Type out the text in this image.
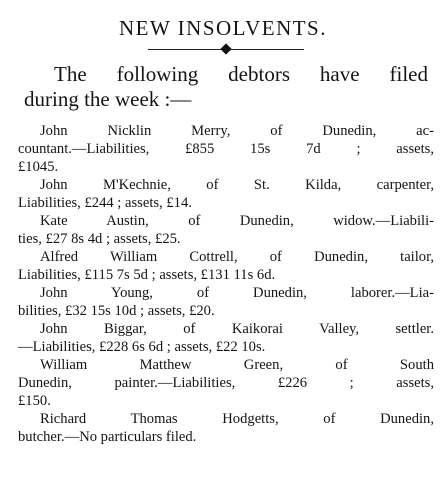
NEW INSOLVENTS.
The following debtors have filed
during the week :—

John Nicklin Merry, of Dunedin, ac-
countant.—Liabilities, £855 15s 7d ; assets,
£1045.

John M'Kechnie, of St. Kilda, carpenter,
Liabilities, £244 ; assets, £14.

Kate Austin, of Dunedin, widow.—Liabili-
ties, £27 8s 4d ; assets, £25.

Alfred William Cottrell, of Dunedin, tailor,
Liabilities, £115 7s 5d ; assets, £131 11s 6d.

John Young, of Dunedin, laborer.—Lia-
bilities, £32 15s 10d ; assets, £20.

John Biggar, of Kaikorai Valley, settler.
—Liabilities, £228 6s 6d ; assets, £22 10s.

William Matthew Green, of South
Dunedin, painter.—Liabilities, £226 ; assets,
£150.

Richard Thomas Hodgetts, of Dunedin,
butcher.—No particulars filed.
